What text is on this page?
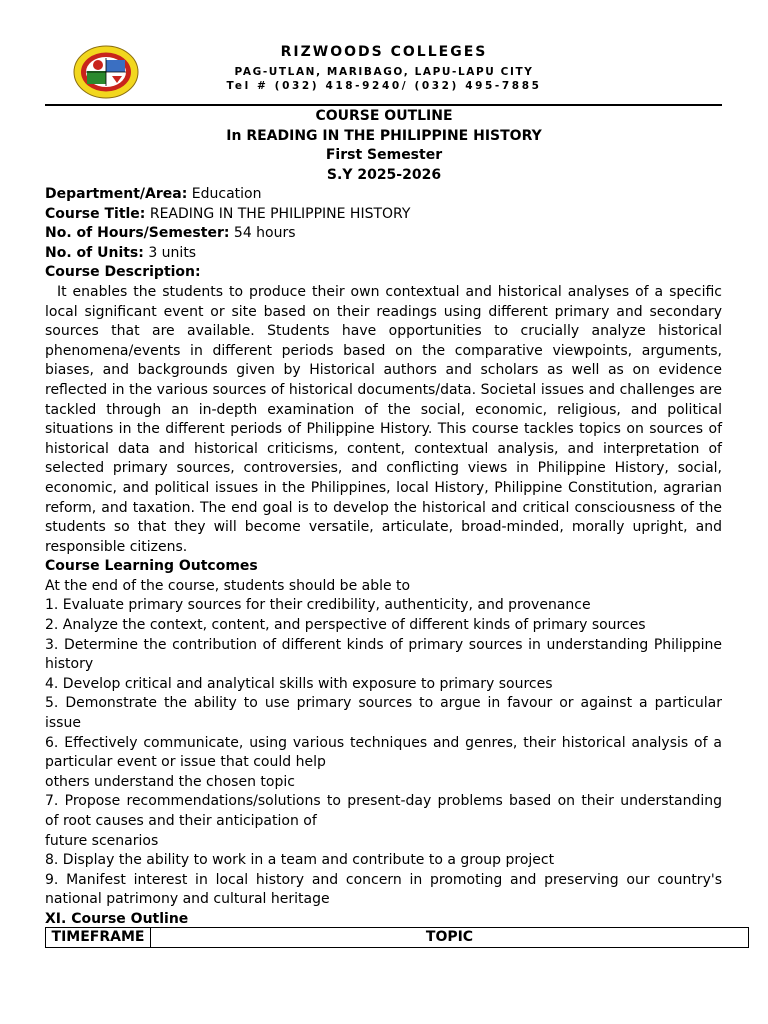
RIZWOODS COLLEGES
PAG-UTLAN, MARIBAGO, LAPU-LAPU CITY
Tel # (032) 418-9240/ (032) 495-7885
COURSE OUTLINE
In READING IN THE PHILIPPINE HISTORY
First Semester
S.Y 2025-2026

Department/Area: Education

Course Title: READING IN THE PHILIPPINE HISTORY

No. of Hours/Semester: 54 hours

No. of Units: 3 units

Course Description:

It enables the students to produce their own contextual and historical analyses of a specific local significant event or site based on their readings using different primary and secondary sources that are available. Students have opportunities to crucially analyze historical phenomena/events in different periods based on the comparative viewpoints, arguments, biases, and backgrounds given by Historical authors and scholars as well as on evidence reflected in the various sources of historical documents/data. Societal issues and challenges are tackled through an in-depth examination of the social, economic, religious, and political situations in the different periods of Philippine History. This course tackles topics on sources of historical data and historical criticisms, content, contextual analysis, and interpretation of selected primary sources, controversies, and conflicting views in Philippine History, social, economic, and political issues in the Philippines, local History, Philippine Constitution, agrarian reform, and taxation. The end goal is to develop the historical and critical consciousness of the students so that they will become versatile, articulate, broad-minded, morally upright, and responsible citizens.

Course Learning Outcomes

At the end of the course, students should be able to

1. Evaluate primary sources for their credibility, authenticity, and provenance

2. Analyze the context, content, and perspective of different kinds of primary sources

3. Determine the contribution of different kinds of primary sources in understanding Philippine history

4. Develop critical and analytical skills with exposure to primary sources

5. Demonstrate the ability to use primary sources to argue in favour or against a particular issue

6. Effectively communicate, using various techniques and genres, their historical analysis of a particular event or issue that could help

others understand the chosen topic

7. Propose recommendations/solutions to present-day problems based on their understanding of root causes and their anticipation of

future scenarios

8. Display the ability to work in a team and contribute to a group project

9. Manifest interest in local history and concern in promoting and preserving our country's national patrimony and cultural heritage

XI. Course Outline

TIMEFRAME	TOPIC
